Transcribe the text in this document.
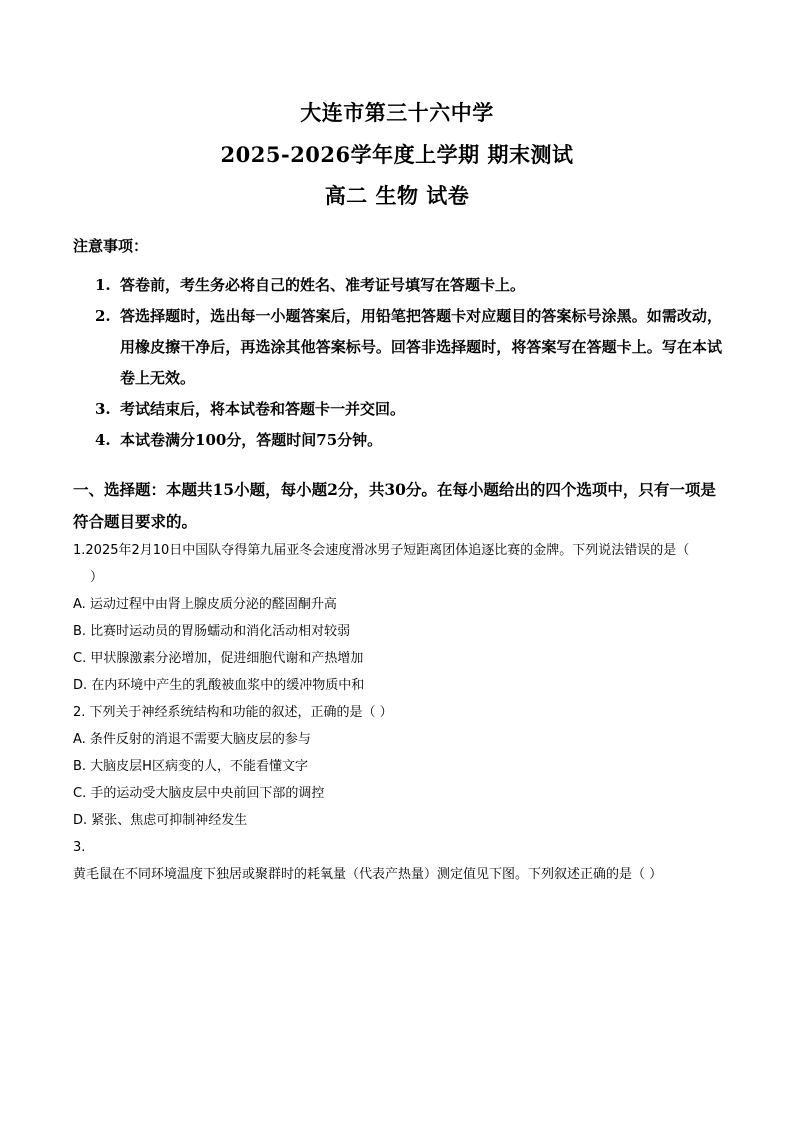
大连市第三十六中学
2025-2026学年度上学期 期末测试
高二 生物 试卷
注意事项：
1. 答卷前，考生务必将自己的姓名、准考证号填写在答题卡上。
2. 答选择题时，选出每一小题答案后，用铅笔把答题卡对应题目的答案标号涂黑。如需改动，用橡皮擦干净后，再选涂其他答案标号。回答非选择题时，将答案写在答题卡上。写在本试卷上无效。
3. 考试结束后，将本试卷和答题卡一并交回。
4. 本试卷满分100分，答题时间75分钟。
一、选择题：本题共15小题，每小题2分，共30分。在每小题给出的四个选项中，只有一项是符合题目要求的。
1.2025年2月10日中国队夺得第九届亚冬会速度滑冰男子短距离团体追逐比赛的金牌。下列说法错误的是（
）
A. 运动过程中由肾上腺皮质分泌的醛固酮升高
B. 比赛时运动员的胃肠蠕动和消化活动相对较弱
C. 甲状腺激素分泌增加，促进细胞代谢和产热增加
D. 在内环境中产生的乳酸被血浆中的缓冲物质中和
2. 下列关于神经系统结构和功能的叙述，正确的是（ ）
A. 条件反射的消退不需要大脑皮层的参与
B. 大脑皮层H区病变的人，不能看懂文字
C. 手的运动受大脑皮层中央前回下部的调控
D. 紧张、焦虑可抑制神经发生
3.
黄毛鼠在不同环境温度下独居或聚群时的耗氧量（代表产热量）测定值见下图。下列叙述正确的是（ ）
